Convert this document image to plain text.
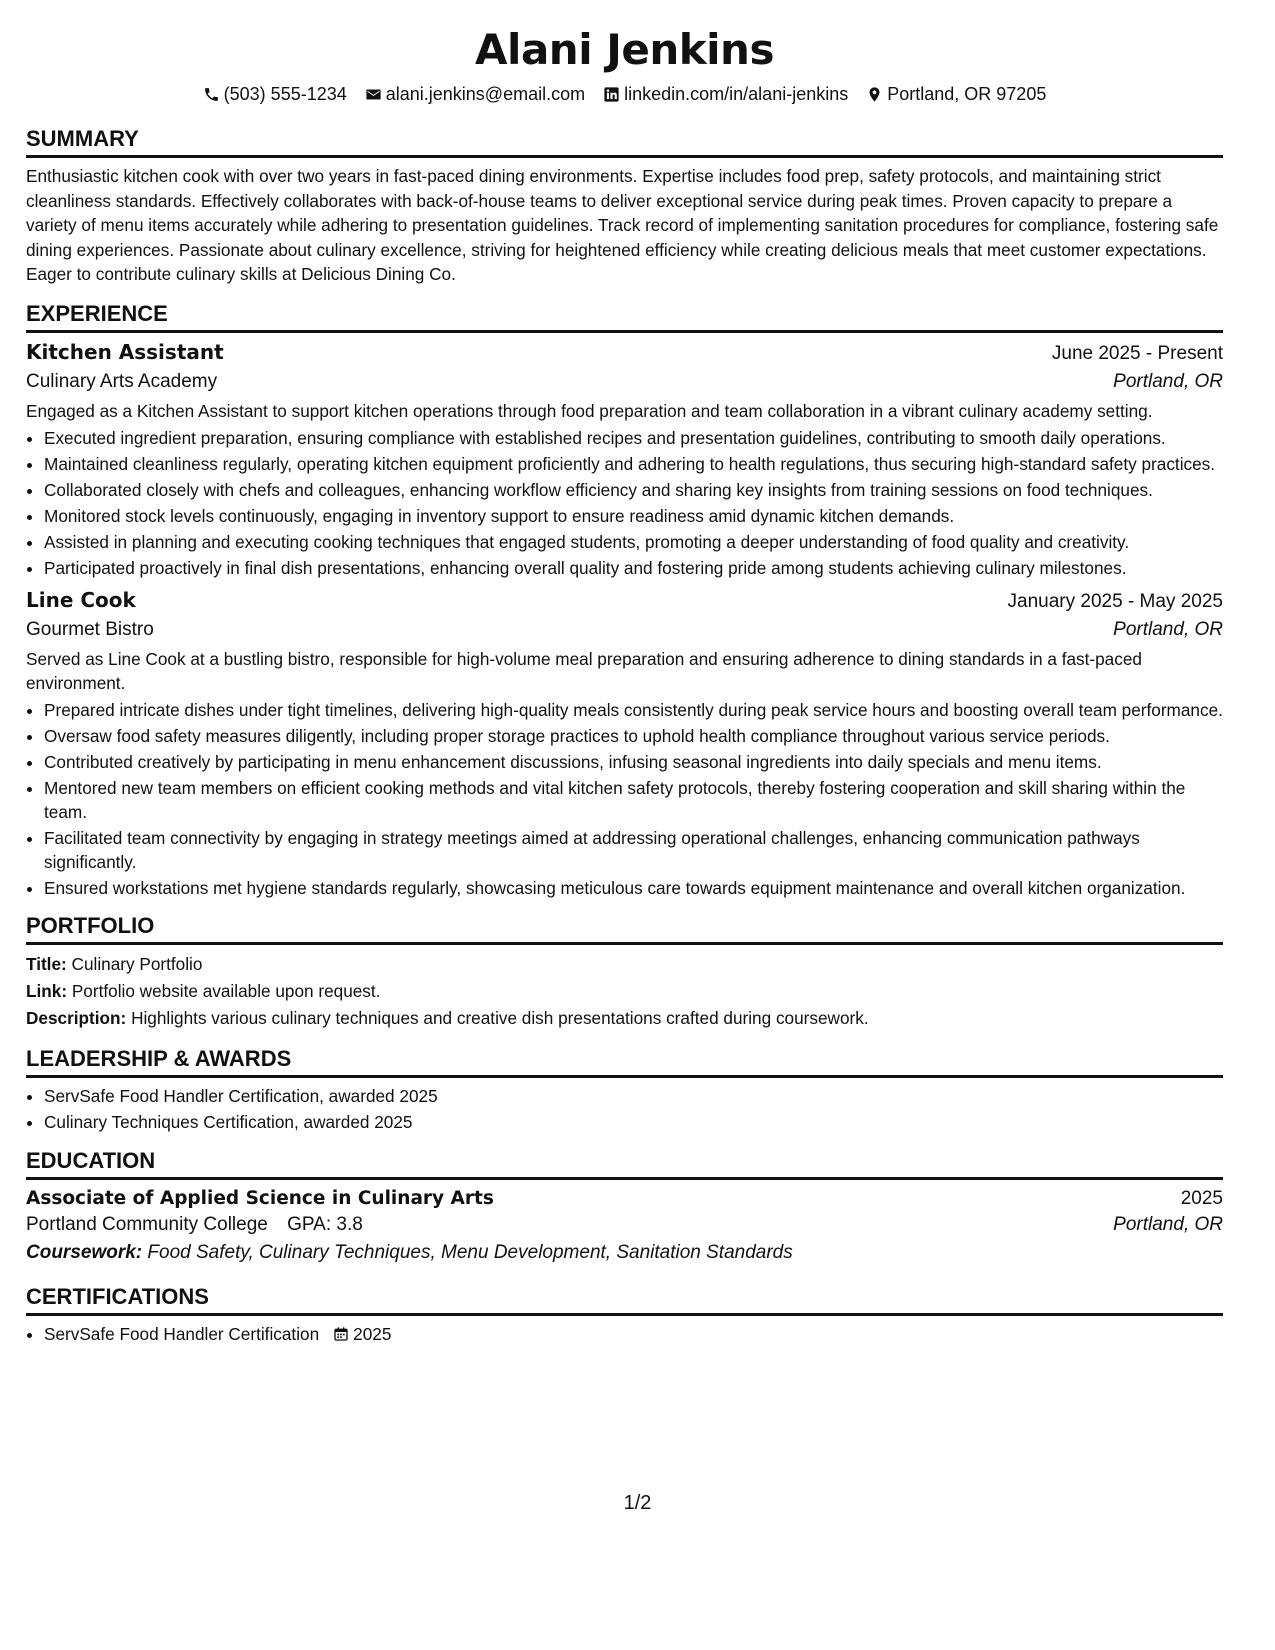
Alani Jenkins
(503) 555-1234 alani.jenkins@email.com linkedin.com/in/alani-jenkins Portland, OR 97205
SUMMARY

Enthusiastic kitchen cook with over two years in fast-paced dining environments. Expertise includes food prep, safety protocols, and maintaining strict cleanliness standards. Effectively collaborates with back-of-house teams to deliver exceptional service during peak times. Proven capacity to prepare a variety of menu items accurately while adhering to presentation guidelines. Track record of implementing sanitation procedures for compliance, fostering safe dining experiences. Passionate about culinary excellence, striving for heightened efficiency while creating delicious meals that meet customer expectations. Eager to contribute culinary skills at Delicious Dining Co.

EXPERIENCE
Kitchen Assistant	June 2025 - Present
Culinary Arts Academy	Portland, OR

Engaged as a Kitchen Assistant to support kitchen operations through food preparation and team collaboration in a vibrant culinary academy setting.

• Executed ingredient preparation, ensuring compliance with established recipes and presentation guidelines, contributing to smooth daily operations.
• Maintained cleanliness regularly, operating kitchen equipment proficiently and adhering to health regulations, thus securing high-standard safety practices.
• Collaborated closely with chefs and colleagues, enhancing workflow efficiency and sharing key insights from training sessions on food techniques.
• Monitored stock levels continuously, engaging in inventory support to ensure readiness amid dynamic kitchen demands.
• Assisted in planning and executing cooking techniques that engaged students, promoting a deeper understanding of food quality and creativity.
• Participated proactively in final dish presentations, enhancing overall quality and fostering pride among students achieving culinary milestones.
Line Cook	January 2025 - May 2025
Gourmet Bistro	Portland, OR

Served as Line Cook at a bustling bistro, responsible for high-volume meal preparation and ensuring adherence to dining standards in a fast-paced environment.

• Prepared intricate dishes under tight timelines, delivering high-quality meals consistently during peak service hours and boosting overall team performance.
• Oversaw food safety measures diligently, including proper storage practices to uphold health compliance throughout various service periods.
• Contributed creatively by participating in menu enhancement discussions, infusing seasonal ingredients into daily specials and menu items.
• Mentored new team members on efficient cooking methods and vital kitchen safety protocols, thereby fostering cooperation and skill sharing within the team.
• Facilitated team connectivity by engaging in strategy meetings aimed at addressing operational challenges, enhancing communication pathways significantly.
• Ensured workstations met hygiene standards regularly, showcasing meticulous care towards equipment maintenance and overall kitchen organization.
PORTFOLIO
Title: Culinary Portfolio
Link: Portfolio website available upon request.
Description: Highlights various culinary techniques and creative dish presentations crafted during coursework.
LEADERSHIP & AWARDS
• ServSafe Food Handler Certification, awarded 2025
• Culinary Techniques Certification, awarded 2025
EDUCATION
Associate of Applied Science in Culinary Arts	2025
Portland Community College GPA: 3.8	Portland, OR
Coursework: Food Safety, Culinary Techniques, Menu Development, Sanitation Standards
CERTIFICATIONS
• ServSafe Food Handler Certification 2025
1/2
